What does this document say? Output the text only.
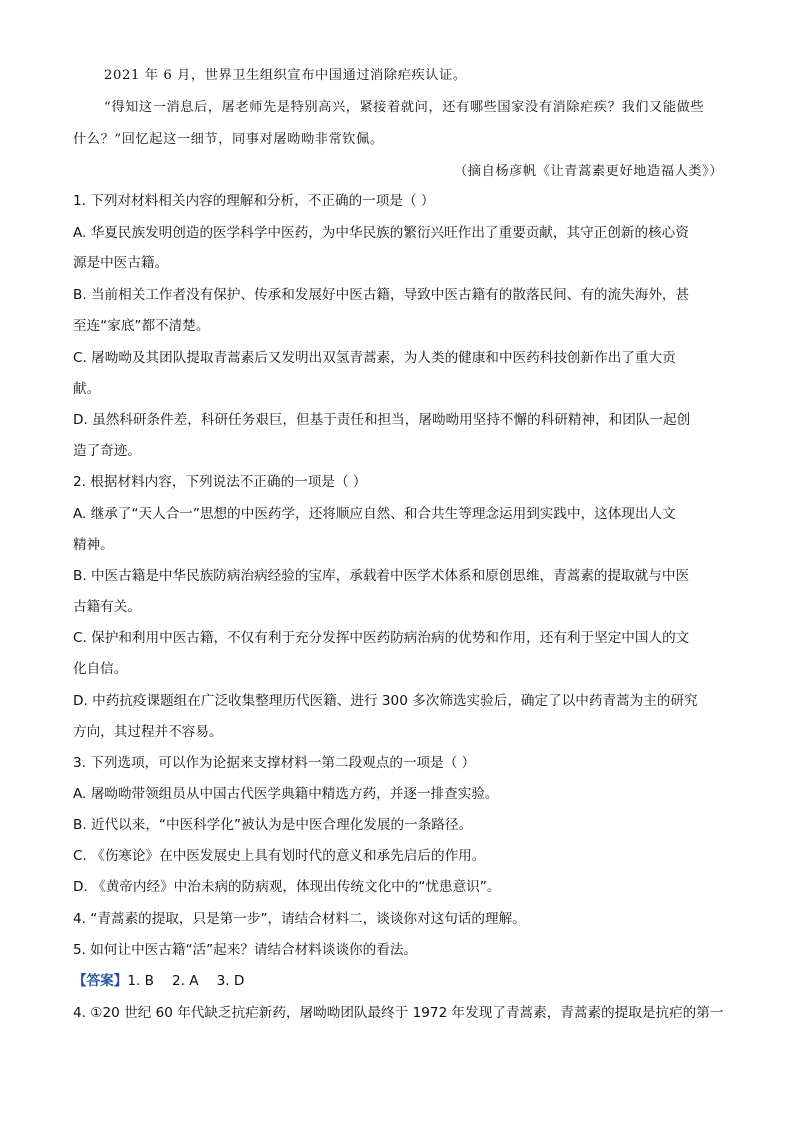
2021 年 6 月，世界卫生组织宣布中国通过消除疟疾认证。
“得知这一消息后，屠老师先是特别高兴，紧接着就问，还有哪些国家没有消除疟疾？我们又能做些
什么？”回忆起这一细节，同事对屠呦呦非常钦佩。
（摘自杨彦帆《让青蒿素更好地造福人类》）
1. 下列对材料相关内容的理解和分析，不正确的一项是（ ）
A. 华夏民族发明创造的医学科学中医药，为中华民族的繁衍兴旺作出了重要贡献，其守正创新的核心资
源是中医古籍。
B. 当前相关工作者没有保护、传承和发展好中医古籍，导致中医古籍有的散落民间、有的流失海外，甚
至连“家底”都不清楚。
C. 屠呦呦及其团队提取青蒿素后又发明出双氢青蒿素，为人类的健康和中医药科技创新作出了重大贡
献。
D. 虽然科研条件差，科研任务艰巨，但基于责任和担当，屠呦呦用坚持不懈的科研精神，和团队一起创
造了奇迹。
2. 根据材料内容，下列说法不正确的一项是（ ）
A. 继承了“天人合一”思想的中医药学，还将顺应自然、和合共生等理念运用到实践中，这体现出人文
精神。
B. 中医古籍是中华民族防病治病经验的宝库，承载着中医学术体系和原创思维，青蒿素的提取就与中医
古籍有关。
C. 保护和利用中医古籍，不仅有利于充分发挥中医药防病治病的优势和作用，还有利于坚定中国人的文
化自信。
D. 中药抗疫课题组在广泛收集整理历代医籍、进行 300 多次筛选实验后，确定了以中药青蒿为主的研究
方向，其过程并不容易。
3. 下列选项，可以作为论据来支撑材料一第二段观点的一项是（ ）
A. 屠呦呦带领组员从中国古代医学典籍中精选方药，并逐一排查实验。
B. 近代以来，“中医科学化”被认为是中医合理化发展的一条路径。
C. 《伤寒论》在中医发展史上具有划时代的意义和承先启后的作用。
D. 《黄帝内经》中治未病的防病观，体现出传统文化中的“忧患意识”。
4. “青蒿素的提取，只是第一步”，请结合材料二，谈谈你对这句话的理解。
5. 如何让中医古籍“活”起来？请结合材料谈谈你的看法。
【答案】1. B 2. A 3. D
4. ①20 世纪 60 年代缺乏抗疟新药，屠呦呦团队最终于 1972 年发现了青蒿素，青蒿素的提取是抗疟的第一
